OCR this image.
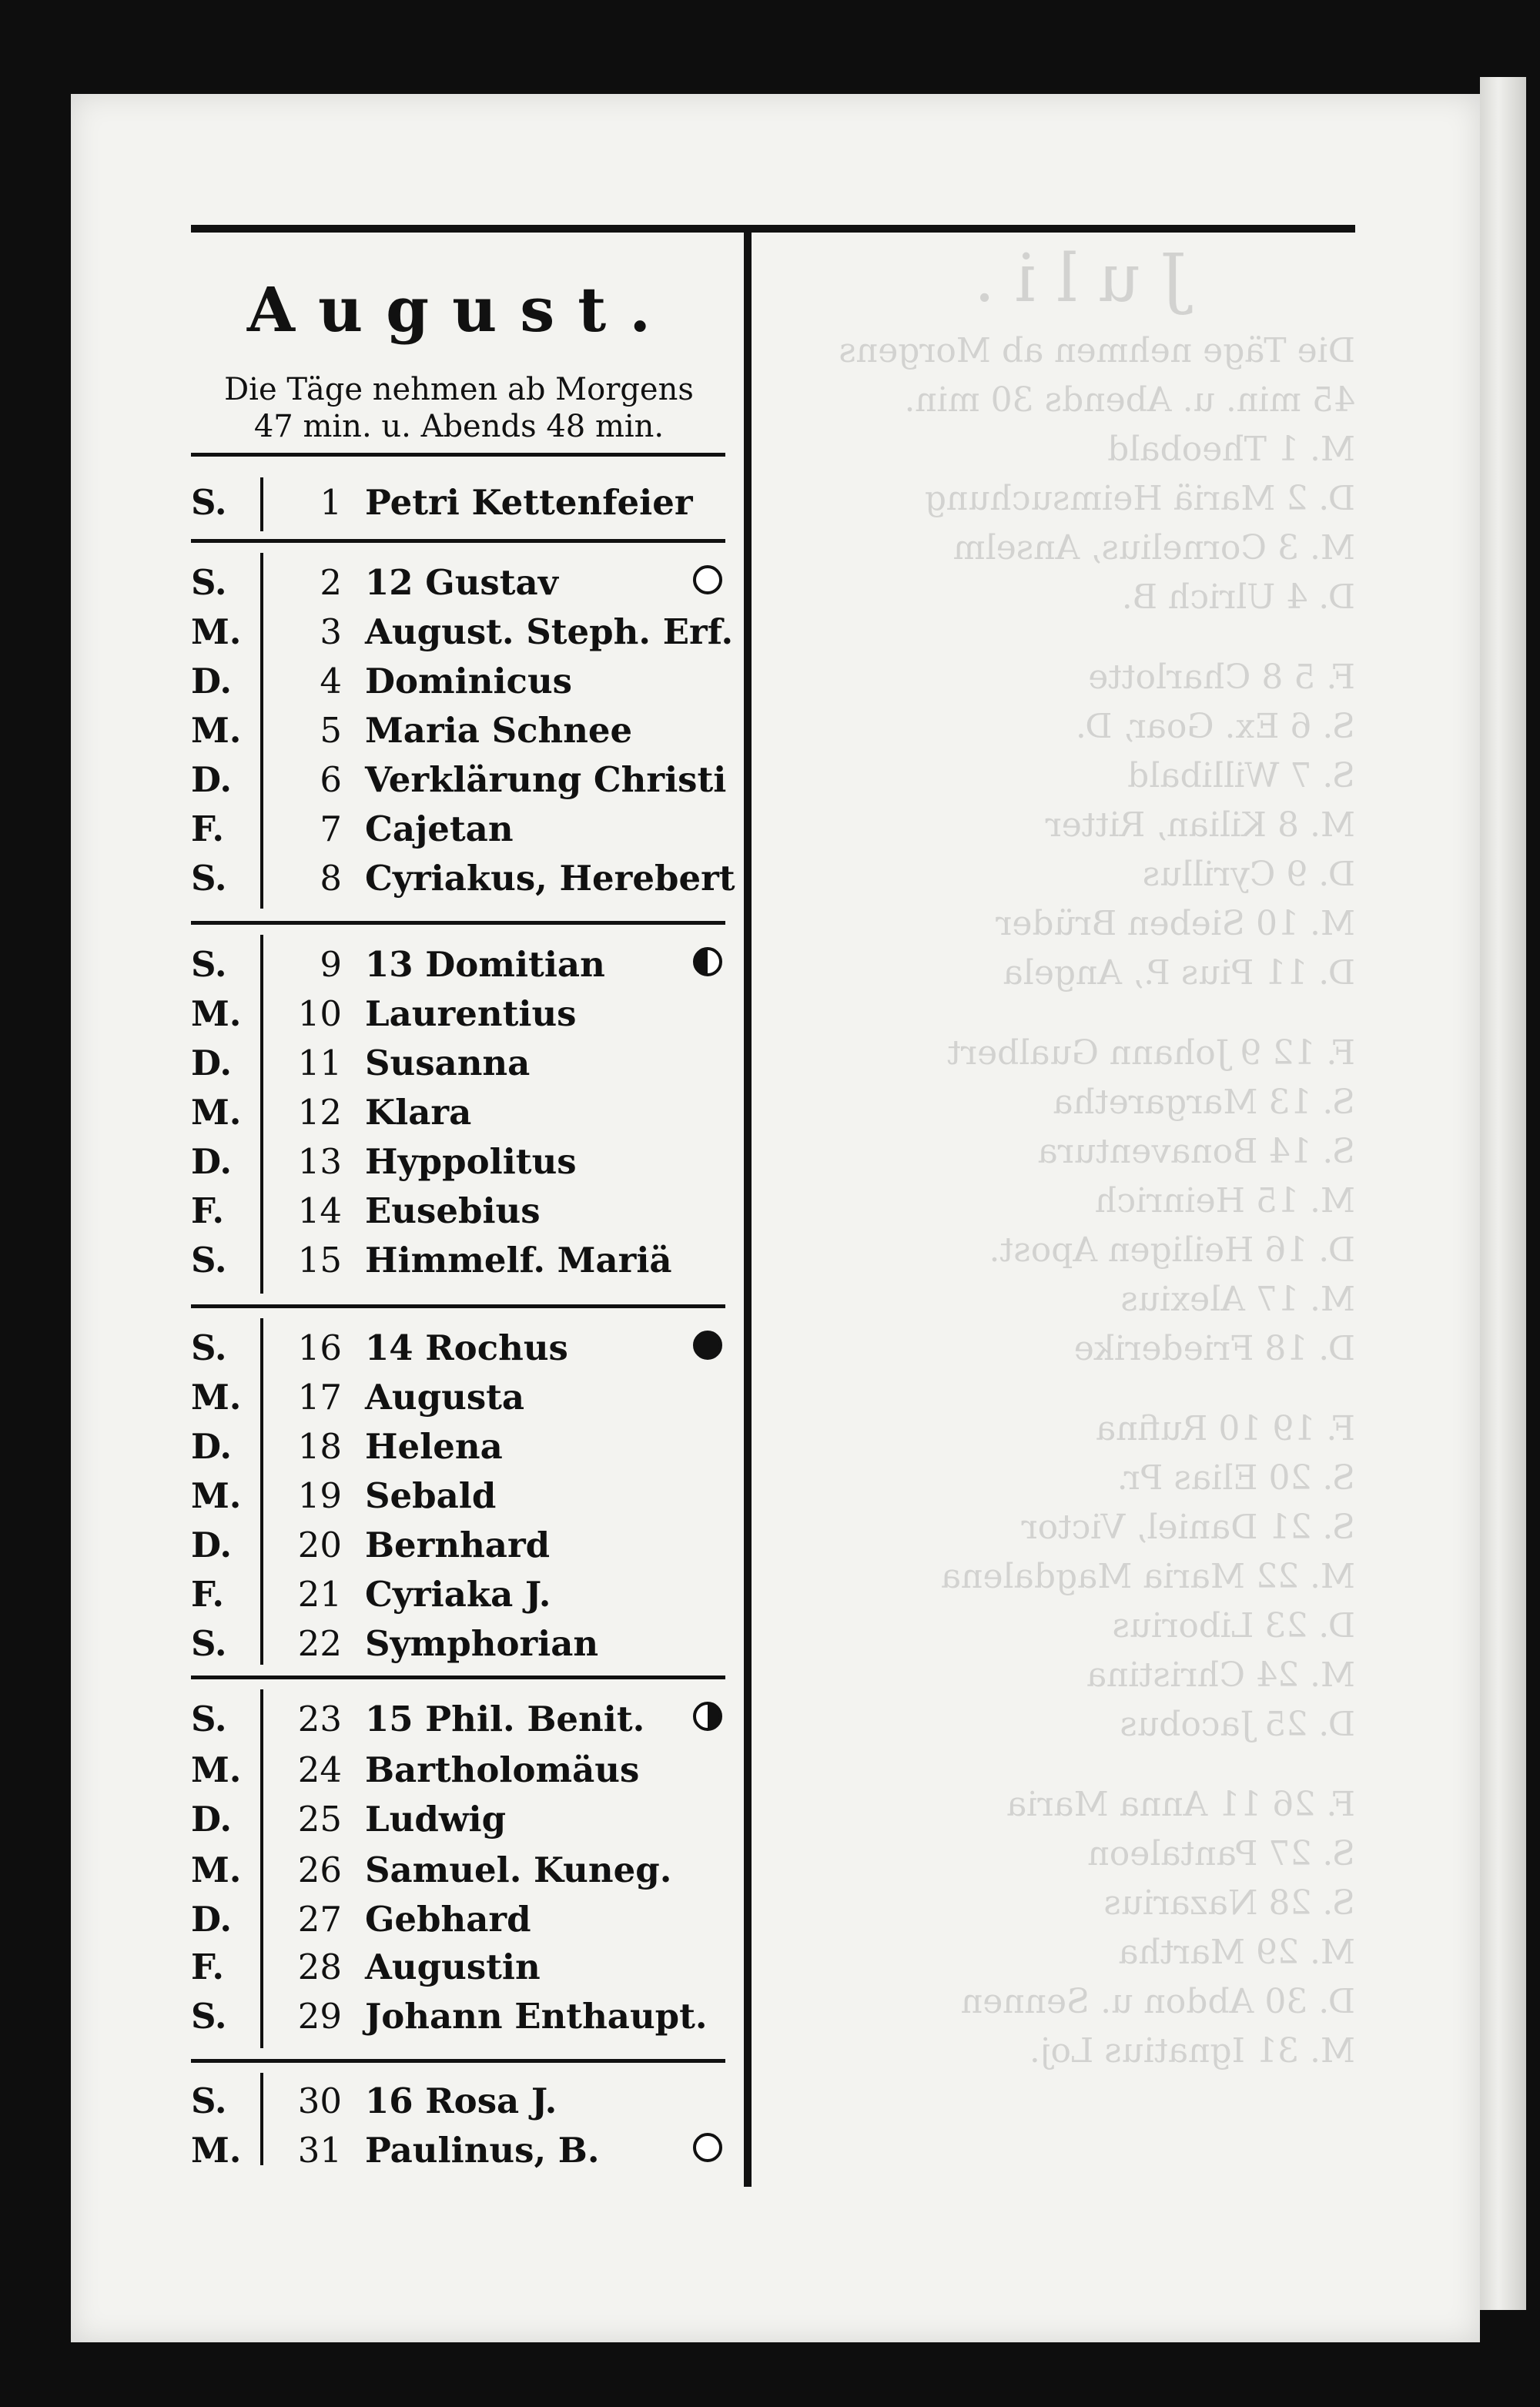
Juli.
Die Täge nehmen ab Morgens
45 min. u. Abends 30 min.
M. 1 Theobald
D. 2 Mariä Heimsuchung
M. 3 Cornelius, Anselm
D. 4 Ulrich B.
F. 5 8 Charlotte
S. 6 Ex. Goar, D.
S. 7 Willibald
M. 8 Kilian, Ritter
D. 9 Cyrillus
M. 10 Sieben Brüder
D. 11 Pius P., Angela
F. 12 9 Johann Gualbert
S. 13 Margaretha
S. 14 Bonaventura
M. 15 Heinrich
D. 16 Heiligen Apost.
M. 17 Alexius
D. 18 Friederike
F. 19 10 Rufina
S. 20 Elias Pr.
S. 21 Daniel, Victor
M. 22 Maria Magdalena
D. 23 Liborius
M. 24 Christina
D. 25 Jacobus
F. 26 11 Anna Maria
S. 27 Pantaleon
S. 28 Nazarius
M. 29 Martha
D. 30 Abdon u. Sennen
M. 31 Ignatius Loj.
August.
Die Täge nehmen ab Morgens
47 min. u. Abends 48 min.
S.	1 Petri Kettenfeier
S.	2 12 Gustav
M.	3 August. Steph. Erf.
D.	4 Dominicus
M.	5 Maria Schnee
D.	6 Verklärung Christi
F.	7 Cajetan
S.	8 Cyriakus, Herebert
S.	9 13 Domitian
M.	10 Laurentius
D.	11 Susanna
M.	12 Klara
D.	13 Hyppolitus
F.	14 Eusebius
S.	15 Himmelf. Mariä
S.	16 14 Rochus
M.	17 Augusta
D.	18 Helena
M.	19 Sebald
D.	20 Bernhard
F.	21 Cyriaka J.
S.	22 Symphorian
S.	23 15 Phil. Benit.
M.	24 Bartholomäus
D.	25 Ludwig
M.	26 Samuel. Kuneg.
D.	27 Gebhard
F.	28 Augustin
S.	29 Johann Enthaupt.
S.	30 16 Rosa J.
M.	31 Paulinus, B.
